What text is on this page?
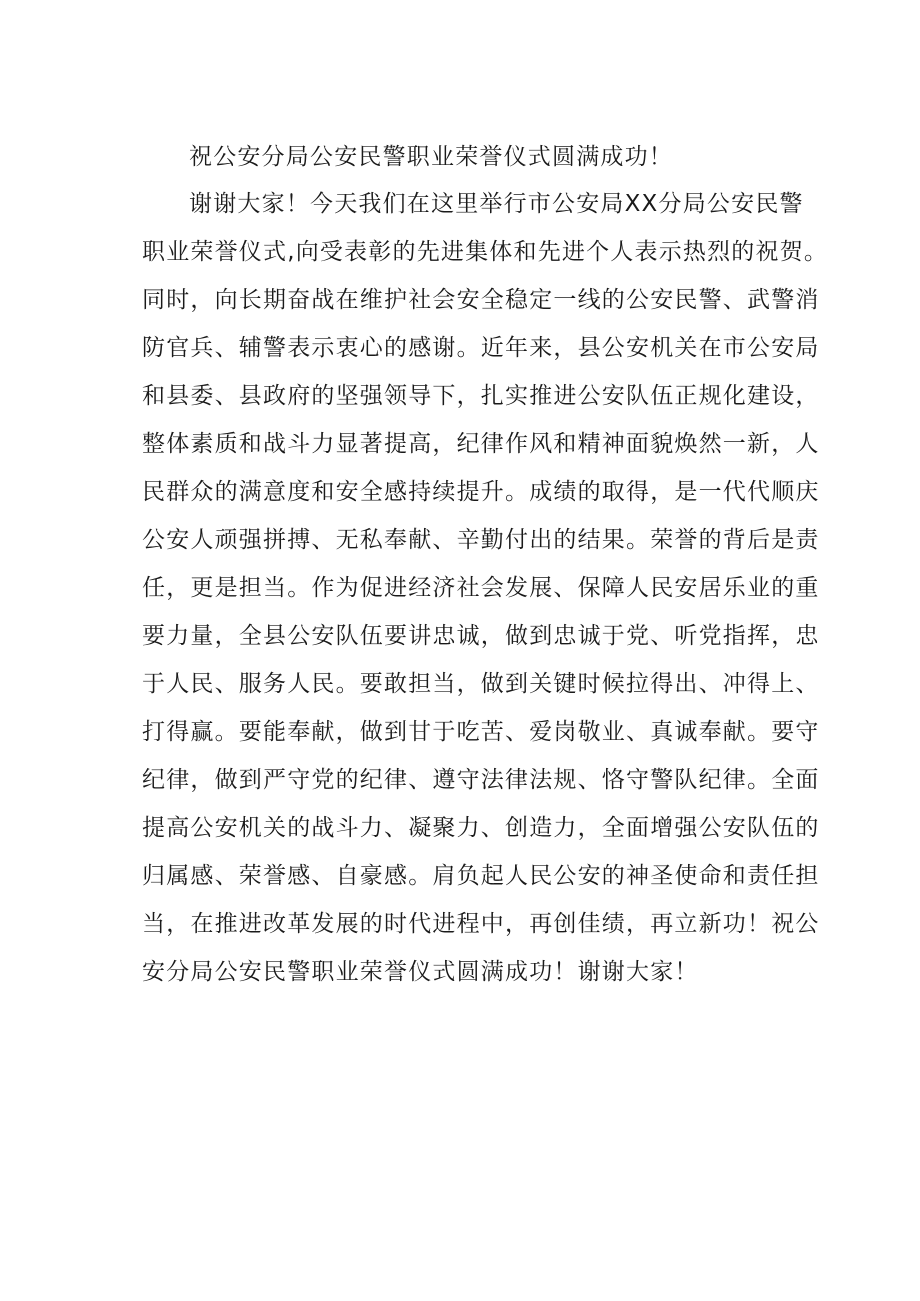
祝公安分局公安民警职业荣誉仪式圆满成功！
谢谢大家！今天我们在这里举行市公安局XX分局公安民警
职业荣誉仪式,向受表彰的先进集体和先进个人表示热烈的祝贺。
同时，向长期奋战在维护社会安全稳定一线的公安民警、武警消
防官兵、辅警表示衷心的感谢。近年来，县公安机关在市公安局
和县委、县政府的坚强领导下，扎实推进公安队伍正规化建设，
整体素质和战斗力显著提高，纪律作风和精神面貌焕然一新，人
民群众的满意度和安全感持续提升。成绩的取得，是一代代顺庆
公安人顽强拼搏、无私奉献、辛勤付出的结果。荣誉的背后是责
任，更是担当。作为促进经济社会发展、保障人民安居乐业的重
要力量，全县公安队伍要讲忠诚，做到忠诚于党、听党指挥，忠
于人民、服务人民。要敢担当，做到关键时候拉得出、冲得上、
打得赢。要能奉献，做到甘于吃苦、爱岗敬业、真诚奉献。要守
纪律，做到严守党的纪律、遵守法律法规、恪守警队纪律。全面
提高公安机关的战斗力、凝聚力、创造力，全面增强公安队伍的
归属感、荣誉感、自豪感。肩负起人民公安的神圣使命和责任担
当，在推进改革发展的时代进程中，再创佳绩，再立新功！祝公
安分局公安民警职业荣誉仪式圆满成功！谢谢大家！
